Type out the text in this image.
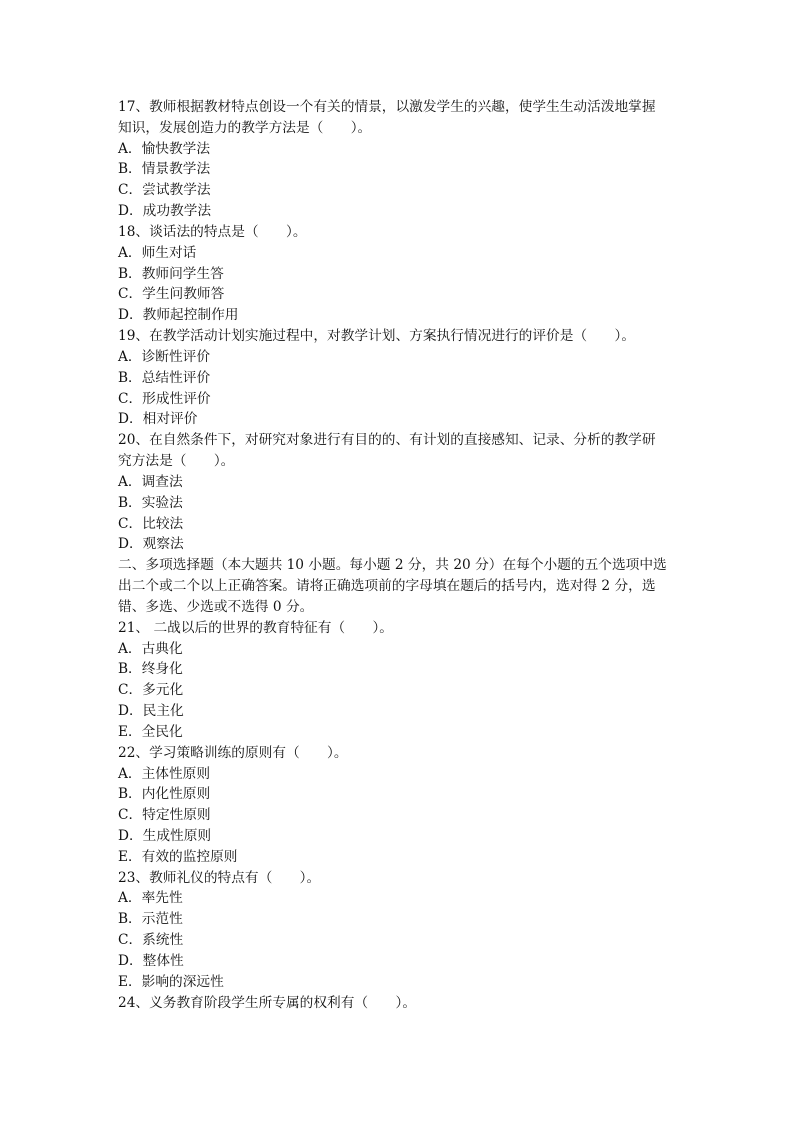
17、教师根据教材特点创设一个有关的情景，以激发学生的兴趣，使学生生动活泼地掌握
知识，发展创造力的教学方法是（　　）。
A．愉快教学法
B．情景教学法
C．尝试教学法
D．成功教学法
18、谈话法的特点是（　　）。
A．师生对话
B．教师问学生答
C．学生问教师答
D．教师起控制作用
19、在教学活动计划实施过程中，对教学计划、方案执行情况进行的评价是（　　）。
A．诊断性评价
B．总结性评价
C．形成性评价
D．相对评价
20、在自然条件下，对研究对象进行有目的的、有计划的直接感知、记录、分析的教学研
究方法是（　　）。
A．调查法
B．实验法
C．比较法
D．观察法
二、多项选择题（本大题共 10 小题。每小题 2 分，共 20 分）在每个小题的五个选项中选
出二个或二个以上正确答案。请将正确选项前的字母填在题后的括号内，选对得 2 分，选
错、多选、少选或不选得 0 分。
21、 二战以后的世界的教育特征有（　　）。
A．古典化
B．终身化
C．多元化
D．民主化
E．全民化
22、学习策略训练的原则有（　　）。
A．主体性原则
B．内化性原则
C．特定性原则
D．生成性原则
E．有效的监控原则
23、教师礼仪的特点有（　　）。
A．率先性
B．示范性
C．系统性
D．整体性
E．影响的深远性
24、义务教育阶段学生所专属的权利有（　　）。
